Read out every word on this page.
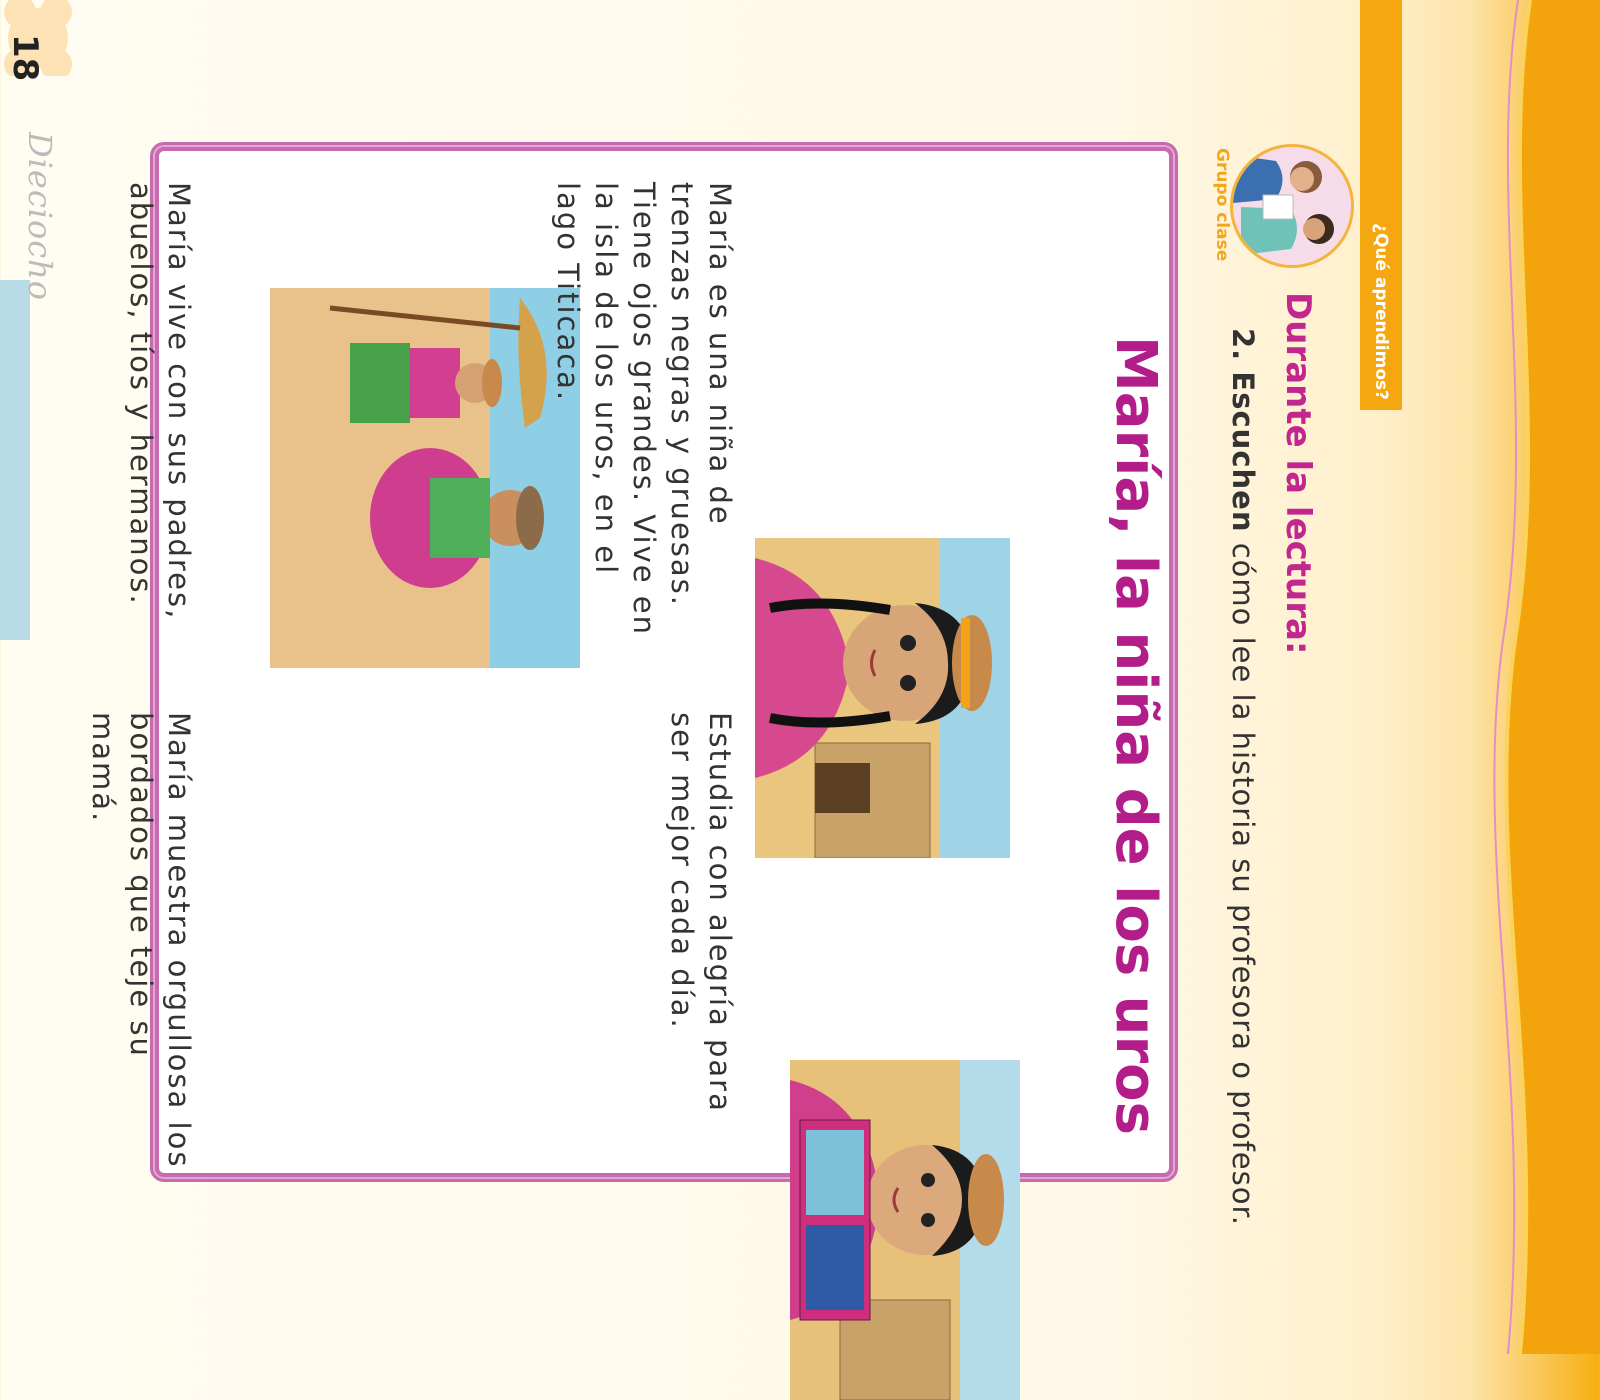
¿Qué aprendimos?
Grupo clase
Durante la lectura:
2. Escuchen cómo lee la historia su profesora o profesor.
María, la niña de los uros
María es una niña de trenzas negras y gruesas. Tiene ojos grandes. Vive en la isla de los uros, en el lago Titicaca.
Estudia con alegría para ser mejor cada día.
María vive con sus padres, abuelos, tíos y hermanos.
María muestra orgullosa los bordados que teje su mamá.
18
Dieciocho
